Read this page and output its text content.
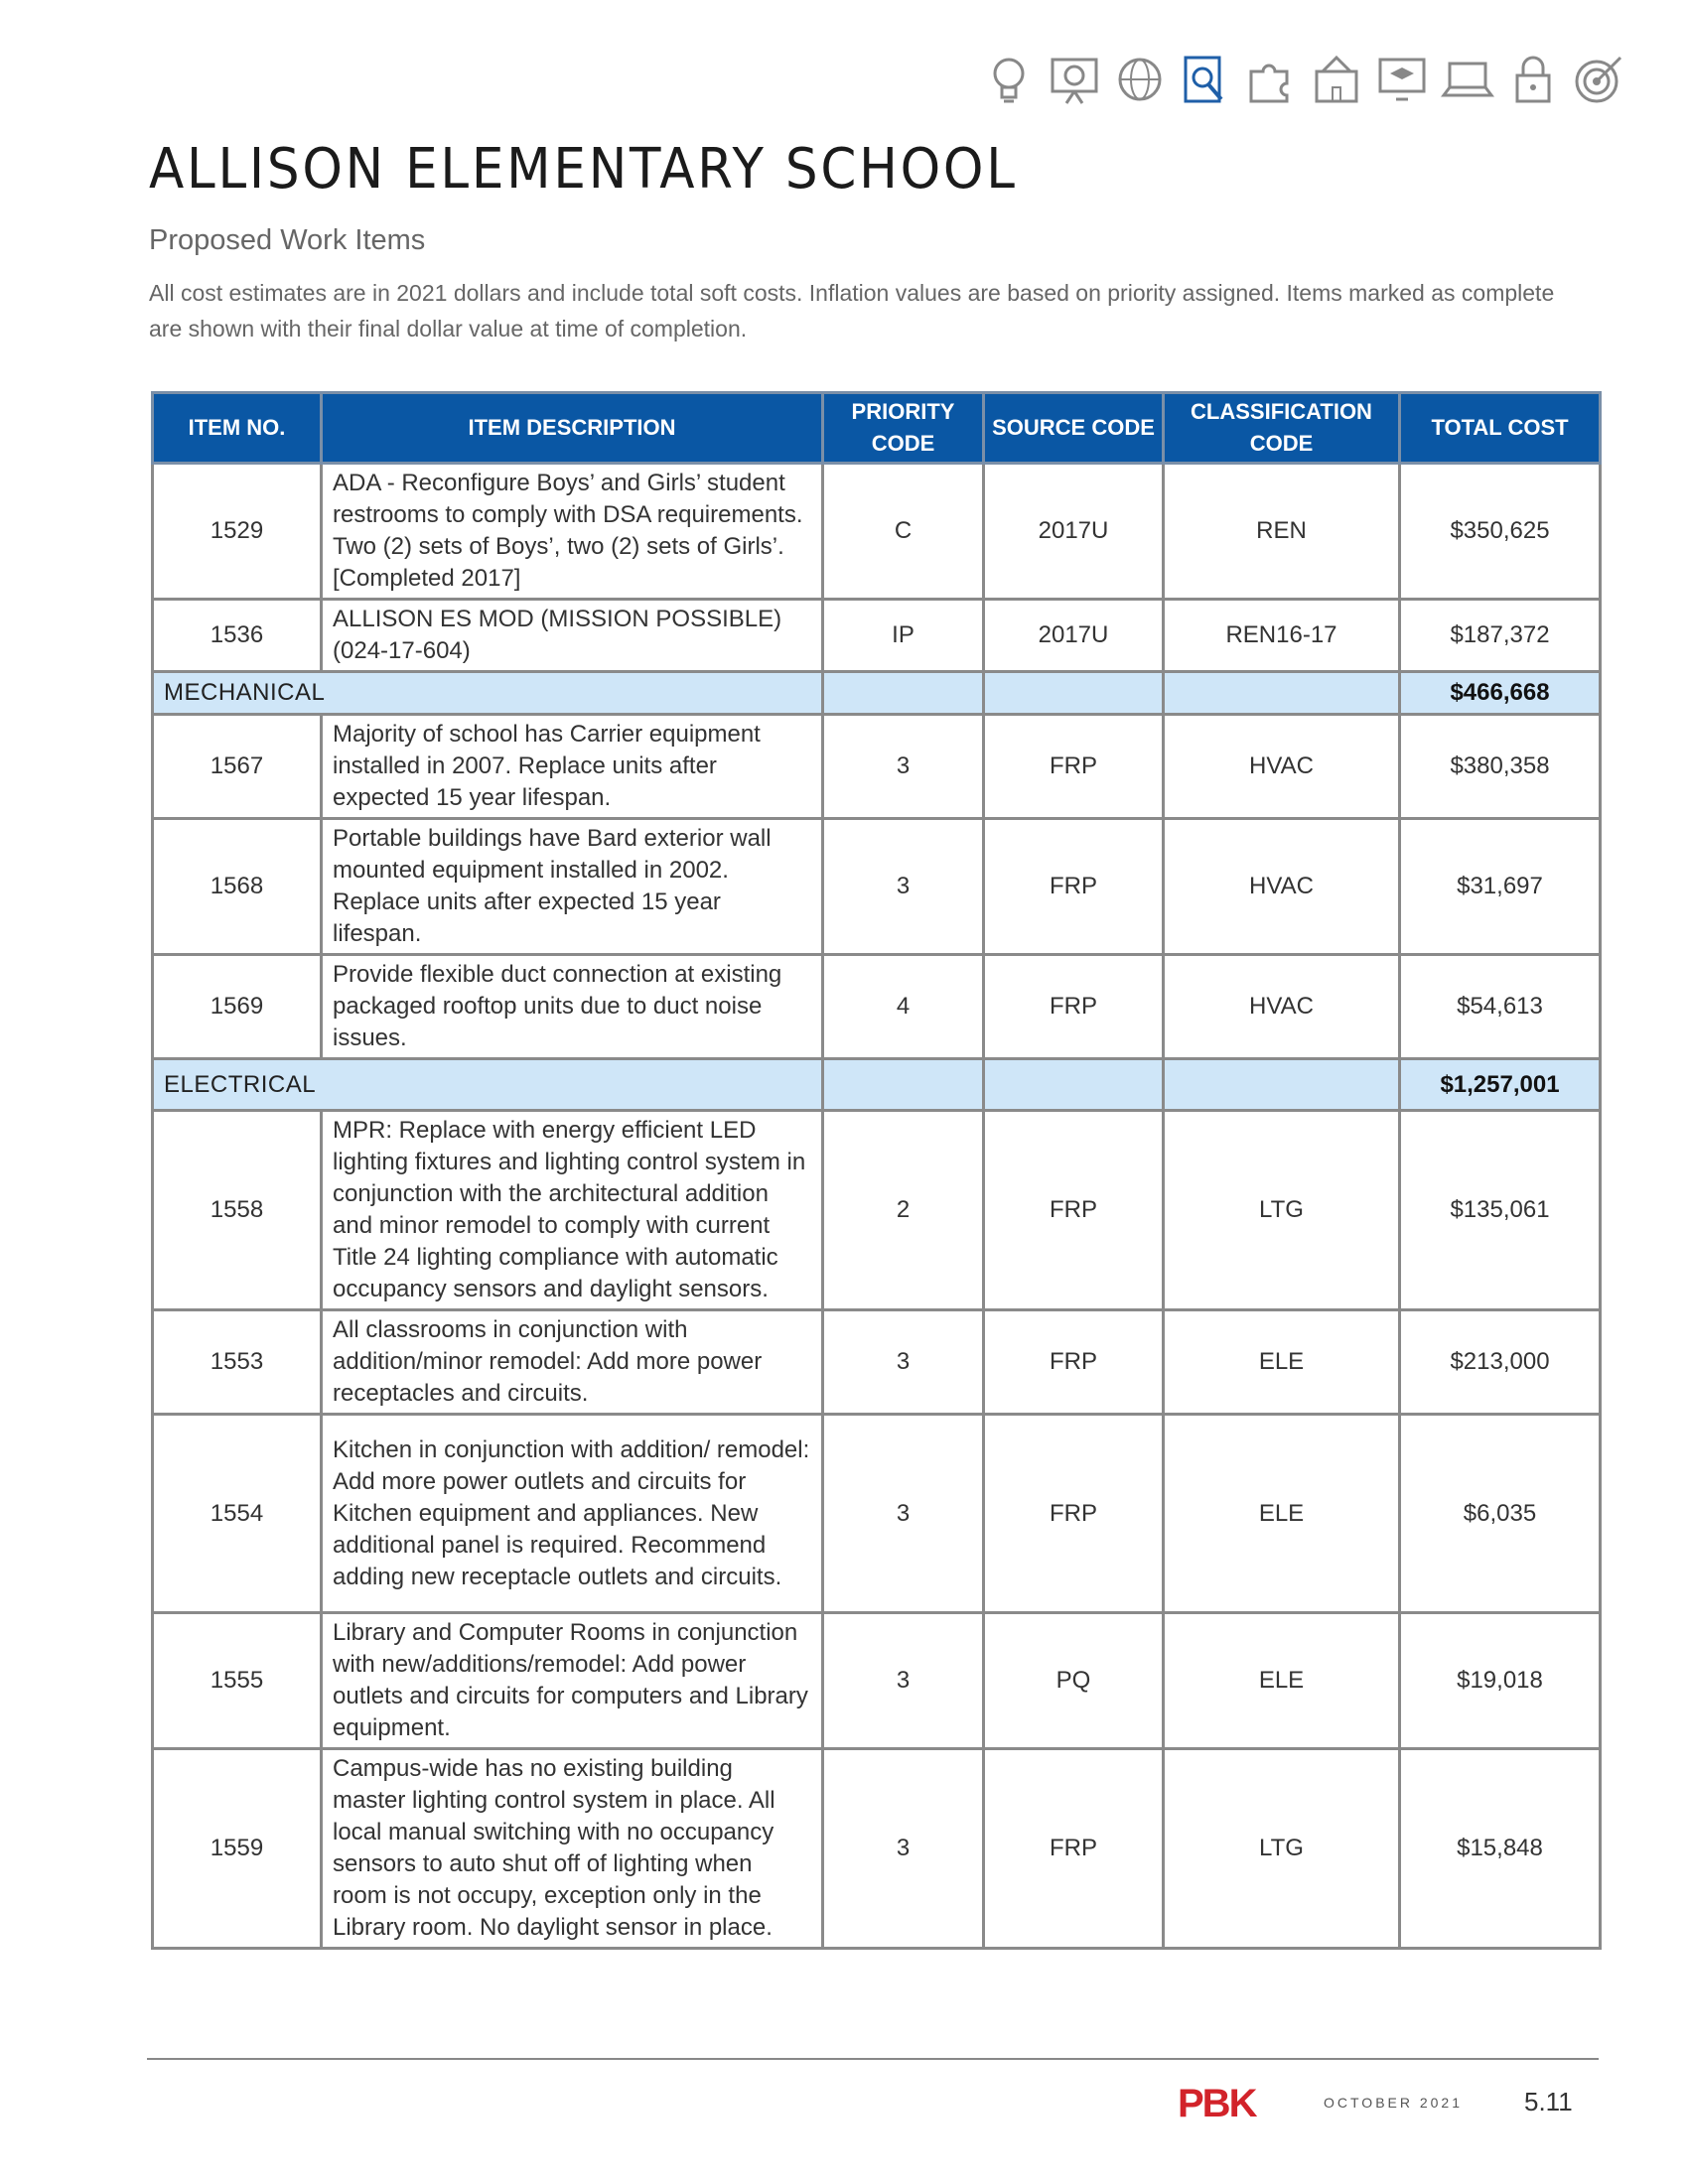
ALLISON ELEMENTARY SCHOOL
Proposed Work Items

All cost estimates are in 2021 dollars and include total soft costs. Inflation values are based on priority assigned. Items marked as complete are shown with their final dollar value at time of completion.

ITEM NO.	ITEM DESCRIPTION	PRIORITY CODE	SOURCE CODE	CLASSIFICATION CODE	TOTAL COST
1529	ADA - Reconfigure Boys’ and Girls’ student restrooms to comply with DSA requirements. Two (2) sets of Boys’, two (2) sets of Girls’. [Completed 2017]	C	2017U	REN	$350,625
1536	ALLISON ES MOD (MISSION POSSIBLE) (024-17-604)	IP	2017U	REN16-17	$187,372
MECHANICAL					$466,668
1567	Majority of school has Carrier equipment installed in 2007. Replace units after expected 15 year lifespan.	3	FRP	HVAC	$380,358
1568	Portable buildings have Bard exterior wall mounted equipment installed in 2002. Replace units after expected 15 year lifespan.	3	FRP	HVAC	$31,697
1569	Provide flexible duct connection at existing packaged rooftop units due to duct noise issues.	4	FRP	HVAC	$54,613
ELECTRICAL					$1,257,001
1558	MPR: Replace with energy efficient LED lighting fixtures and lighting control system in conjunction with the architectural addition and minor remodel to comply with current Title 24 lighting compliance with automatic occupancy sensors and daylight sensors.	2	FRP	LTG	$135,061
1553	All classrooms in conjunction with addition/minor remodel: Add more power receptacles and circuits.	3	FRP	ELE	$213,000
1554	Kitchen in conjunction with addition/ remodel: Add more power outlets and circuits for Kitchen equipment and appliances. New additional panel is required. Recommend adding new receptacle outlets and circuits.	3	FRP	ELE	$6,035
1555	Library and Computer Rooms in conjunction with new/additions/remodel: Add power outlets and circuits for computers and Library equipment.	3	PQ	ELE	$19,018
1559	Campus-wide has no existing building master lighting control system in place. All local manual switching with no occupancy sensors to auto shut off of lighting when room is not occupy, exception only in the Library room. No daylight sensor in place.	3	FRP	LTG	$15,848
PBK	OCTOBER 2021 5.11
